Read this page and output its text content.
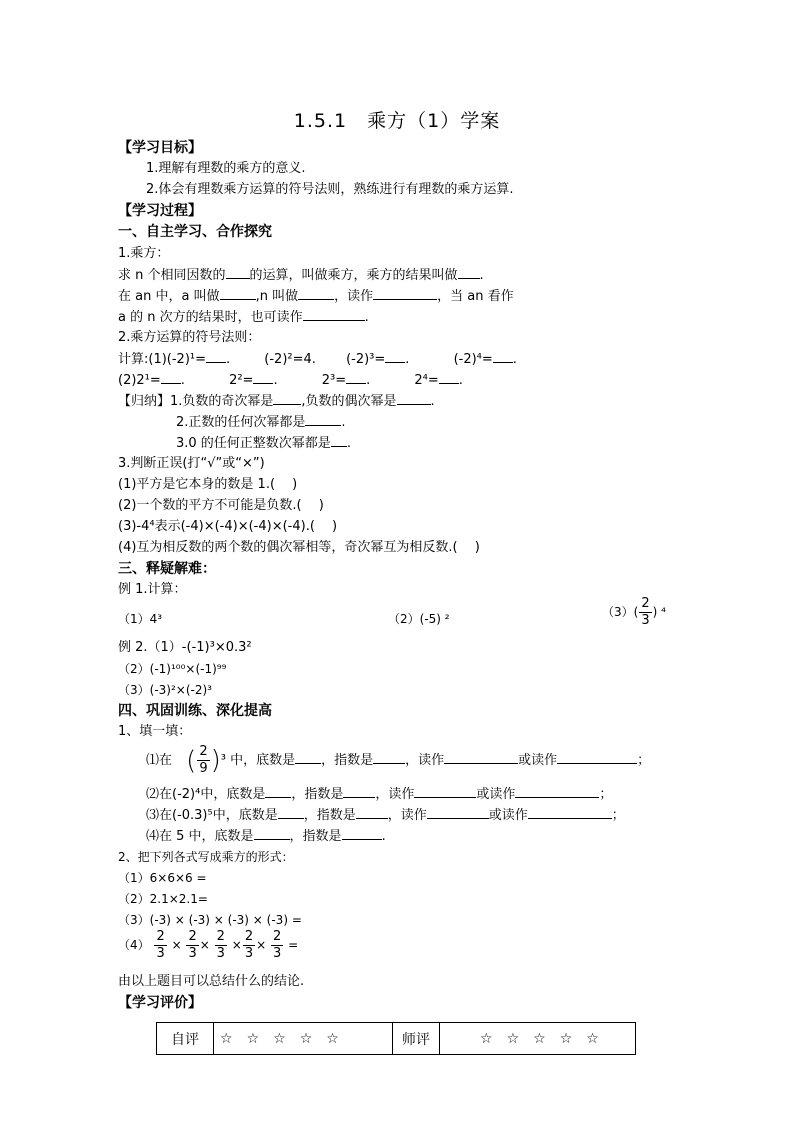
1.5.1　乘方（1）学案
【学习目标】
1.理解有理数的乘方的意义.
2.体会有理数乘方运算的符号法则，熟练进行有理数的乘方运算.
【学习过程】
一、自主学习、合作探究
1.乘方：
求 n 个相同因数的 的运算，叫做乘方，乘方的结果叫做 .
在 an 中，a 叫做	,n 叫做	，读作	，当 an 看作
a 的 n 次方的结果时，也可读作	.
2.乘方运算的符号法则：
计算:(1)(-2)¹= .	(-2)²=4. (-2)³= .	(-2)⁴= .
(2)2¹= .	2²= .	2³= .	2⁴= .
【归纳】1.负数的奇次幂是 ,负数的偶次幂是	.
2.正数的任何次幂都是	.
3.0 的任何正整数次幂都是 .
3.判断正误(打“√”或“×”)
(1)平方是它本身的数是 1.(　 )
(2)一个数的平方不可能是负数.(　 )
(3)-4⁴表示(-4)×(-4)×(-4)×(-4).(　 )
(4)互为相反数的两个数的偶次幂相等，奇次幂互为相反数.(　 )
三、释疑解难：
例 1.计算：
（1）4³	（2）(-5) ²	$(3)( \frac{2}{3}$ ) ⁴
例 2.（1）-(-1)³×0.3²
（2）(-1)¹⁰⁰×(-1)⁹⁹
（3）(-3)²×(-2)³
四、巩固训练、深化提高
1、填一填：
⑴在 ( $\frac{2}{9} )^3$ 中，底数是 ，指数是 ，读作	或读作	；
⑵在(-2)⁴中，底数是 ，指数是 ，读作	或读作	；
⑶在(-0.3)⁵中，底数是 ，指数是 ，读作	或读作	；
⑷在 5 中，底数是	，指数是	.
2、把下列各式写成乘方的形式：
（1）6×6×6 =
（2）2.1×2.1=
（3）(-3) × (-3) × (-3) × (-3) =
$(4) \frac{2}{3} \times \frac{2}{3} \times \frac{2}{3} \times \frac{2}{3} \times \frac{2}{3}$ =
由以上题目可以总结什么的结论.
【学习评价】
自评	☆ ☆ ☆ ☆ ☆	师评	☆ ☆ ☆ ☆ ☆
